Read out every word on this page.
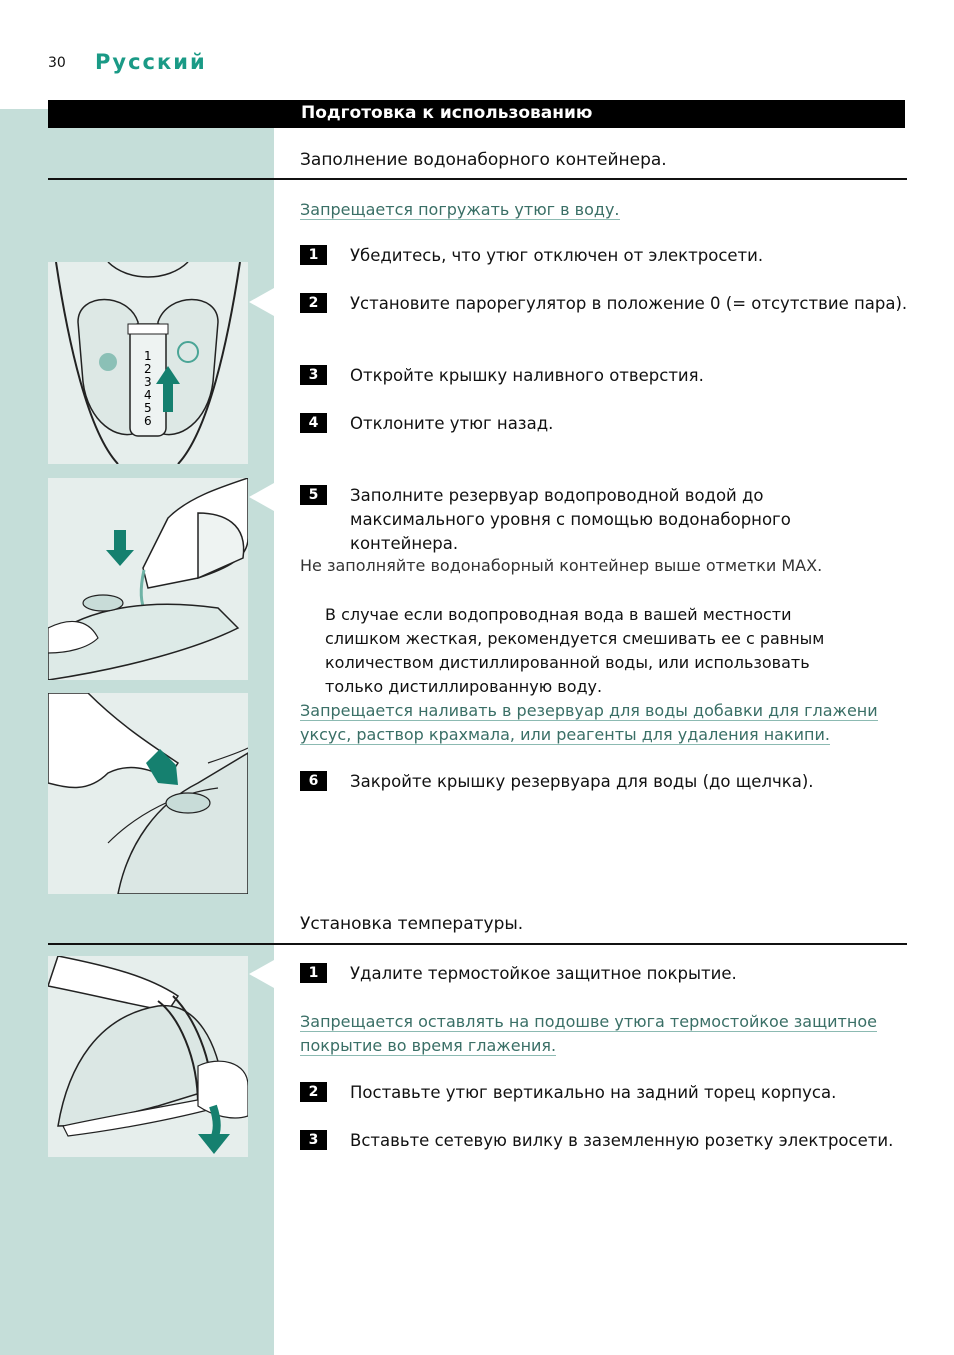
30 Русский
Подготовка к использованию
Заполнение водонаборного контейнера.
Запрещается погружать утюг в воду.
1	Убедитесь, что утюг отключен от электросети.
2	Установите парорегулятор в положение 0 (= отсутствие пара).
3	Откройте крышку наливного отверстия.
4	Отклоните утюг назад.
5	Заполните резервуар водопроводной водой до максимального уровня с помощью водонаборного контейнера.
Не заполняйте водонаборный контейнер выше отметки MAX.
В случае если водопроводная вода в вашей местности слишком жесткая, рекомендуется смешивать ее с равным количеством дистиллированной воды, или использовать только дистиллированную воду.
Запрещается наливать в резервуар для воды добавки для глажени уксус, раствор крахмала, или реагенты для удаления накипи.
6	Закройте крышку резервуара для воды (до щелчка).
Установка температуры.
1	Удалите термостойкое защитное покрытие.
Запрещается оставлять на подошве утюга термостойкое защитное покрытие во время глажения.
2	Поставьте утюг вертикально на задний торец корпуса.
3	Вставьте сетевую вилку в заземленную розетку электросети.
1
2
3
4
5
6
